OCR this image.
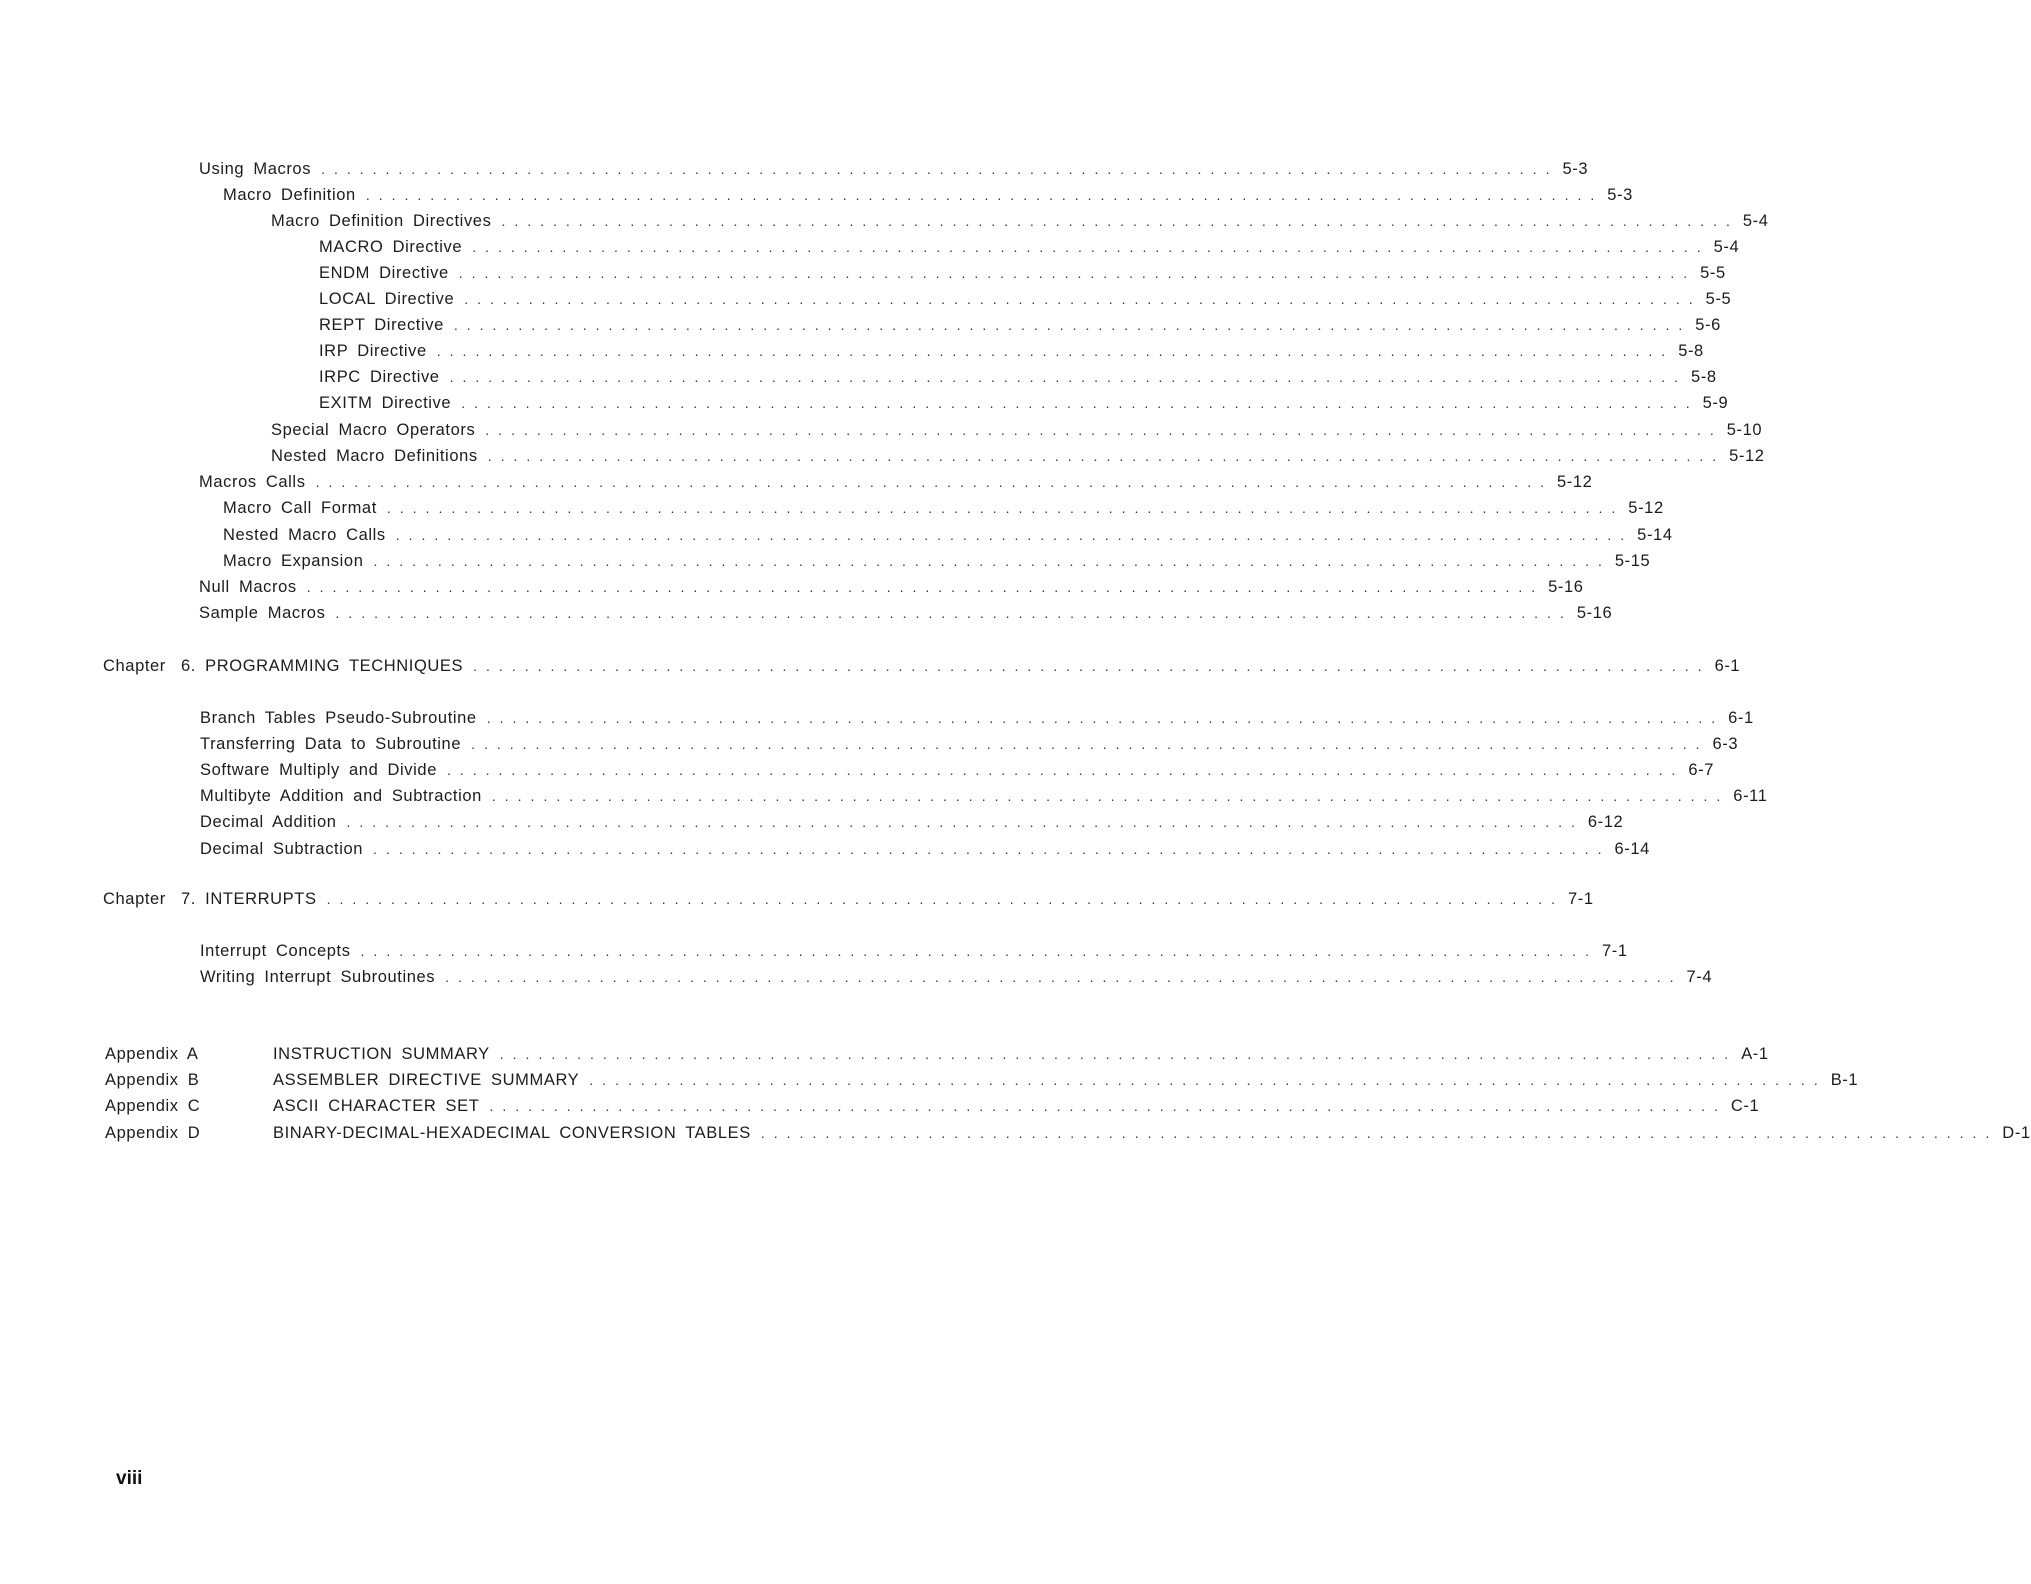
Using Macros ................................................................................................ 5-3
Macro Definition ................................................................................................ 5-3
Macro Definition Directives ................................................................................................ 5-4
MACRO Directive ................................................................................................ 5-4
ENDM Directive ................................................................................................ 5-5
LOCAL Directive ................................................................................................ 5-5
REPT Directive ................................................................................................ 5-6
IRP Directive ................................................................................................ 5-8
IRPC Directive ................................................................................................ 5-8
EXITM Directive ................................................................................................ 5-9
Special Macro Operators ................................................................................................ 5-10
Nested Macro Definitions ................................................................................................ 5-12
Macros Calls ................................................................................................ 5-12
Macro Call Format ................................................................................................ 5-12
Nested Macro Calls ................................................................................................ 5-14
Macro Expansion ................................................................................................ 5-15
Null Macros ................................................................................................ 5-16
Sample Macros ................................................................................................ 5-16
Chapter 6. PROGRAMMING TECHNIQUES ................................................................................................ 6-1
Branch Tables Pseudo-Subroutine ................................................................................................ 6-1
Transferring Data to Subroutine ................................................................................................ 6-3
Software Multiply and Divide ................................................................................................ 6-7
Multibyte Addition and Subtraction ................................................................................................ 6-11
Decimal Addition ................................................................................................ 6-12
Decimal Subtraction ................................................................................................ 6-14
Chapter 7. INTERRUPTS ................................................................................................ 7-1
Interrupt Concepts ................................................................................................ 7-1
Writing Interrupt Subroutines ................................................................................................ 7-4
Appendix A	INSTRUCTION SUMMARY ................................................................................................ A-1
Appendix B	ASSEMBLER DIRECTIVE SUMMARY ................................................................................................ B-1
Appendix C	ASCII CHARACTER SET ................................................................................................ C-1
Appendix D	BINARY-DECIMAL-HEXADECIMAL CONVERSION TABLES ................................................................................................ D-1
viii
